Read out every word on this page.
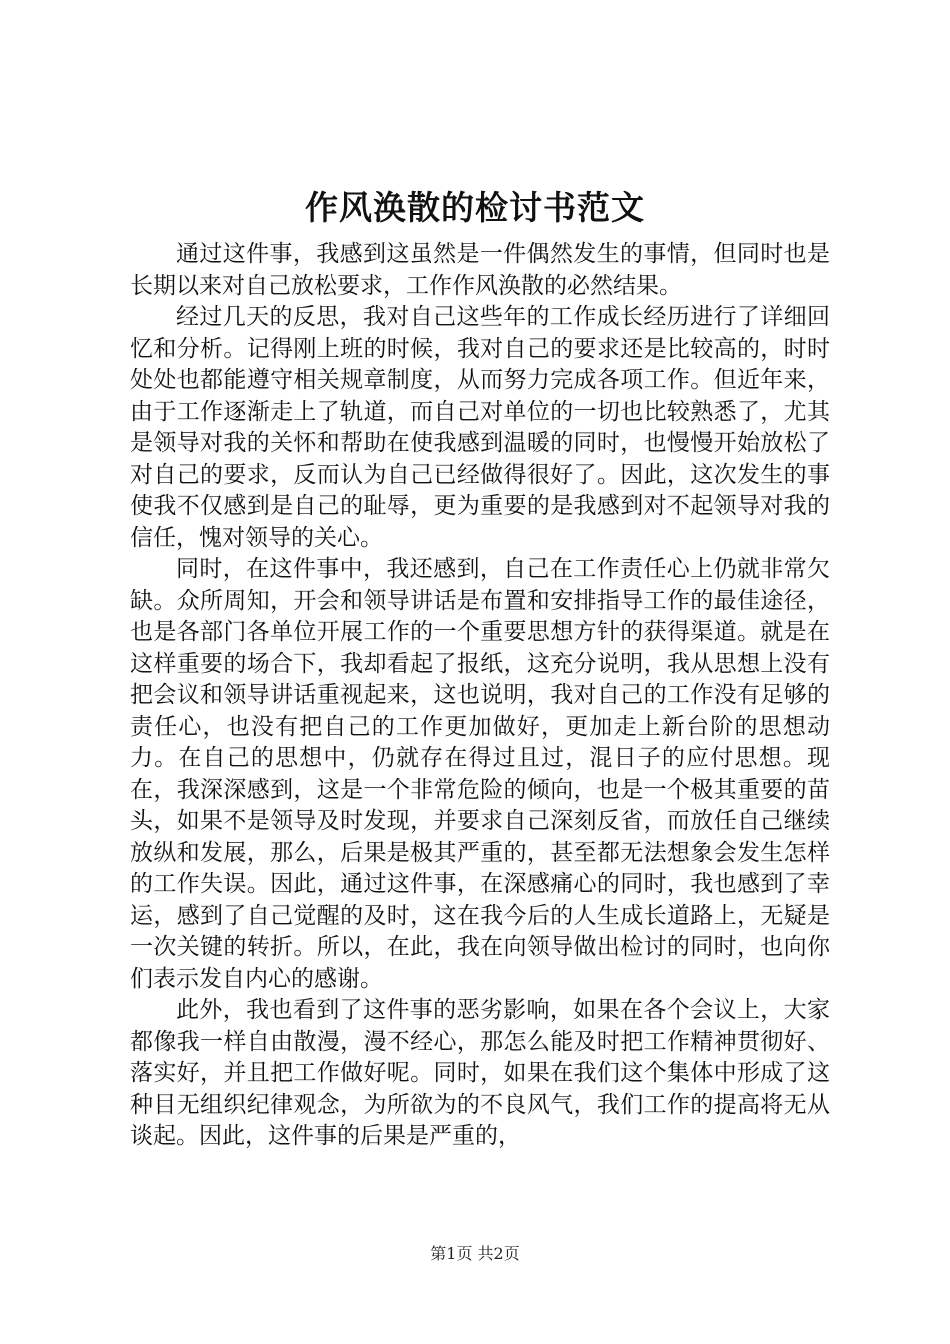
作风涣散的检讨书范文

通过这件事，我感到这虽然是一件偶然发生的事情，但同时也是长期以来对自己放松要求，工作作风涣散的必然结果。

经过几天的反思，我对自己这些年的工作成长经历进行了详细回忆和分析。记得刚上班的时候，我对自己的要求还是比较高的，时时处处也都能遵守相关规章制度，从而努力完成各项工作。但近年来，由于工作逐渐走上了轨道，而自己对单位的一切也比较熟悉了，尤其是领导对我的关怀和帮助在使我感到温暖的同时，也慢慢开始放松了对自己的要求，反而认为自己已经做得很好了。因此，这次发生的事使我不仅感到是自己的耻辱，更为重要的是我感到对不起领导对我的信任，愧对领导的关心。

同时，在这件事中，我还感到，自己在工作责任心上仍就非常欠缺。众所周知，开会和领导讲话是布置和安排指导工作的最佳途径，也是各部门各单位开展工作的一个重要思想方针的获得渠道。就是在这样重要的场合下，我却看起了报纸，这充分说明，我从思想上没有把会议和领导讲话重视起来，这也说明，我对自己的工作没有足够的责任心，也没有把自己的工作更加做好，更加走上新台阶的思想动力。在自己的思想中，仍就存在得过且过，混日子的应付思想。现在，我深深感到，这是一个非常危险的倾向，也是一个极其重要的苗头，如果不是领导及时发现，并要求自己深刻反省，而放任自己继续放纵和发展，那么，后果是极其严重的，甚至都无法想象会发生怎样的工作失误。因此，通过这件事，在深感痛心的同时，我也感到了幸运，感到了自己觉醒的及时，这在我今后的人生成长道路上，无疑是一次关键的转折。所以，在此，我在向领导做出检讨的同时，也向你们表示发自内心的感谢。

此外，我也看到了这件事的恶劣影响，如果在各个会议上，大家都像我一样自由散漫，漫不经心，那怎么能及时把工作精神贯彻好、落实好，并且把工作做好呢。同时，如果在我们这个集体中形成了这种目无组织纪律观念，为所欲为的不良风气，我们工作的提高将无从谈起。因此，这件事的后果是严重的，

第1页 共2页
